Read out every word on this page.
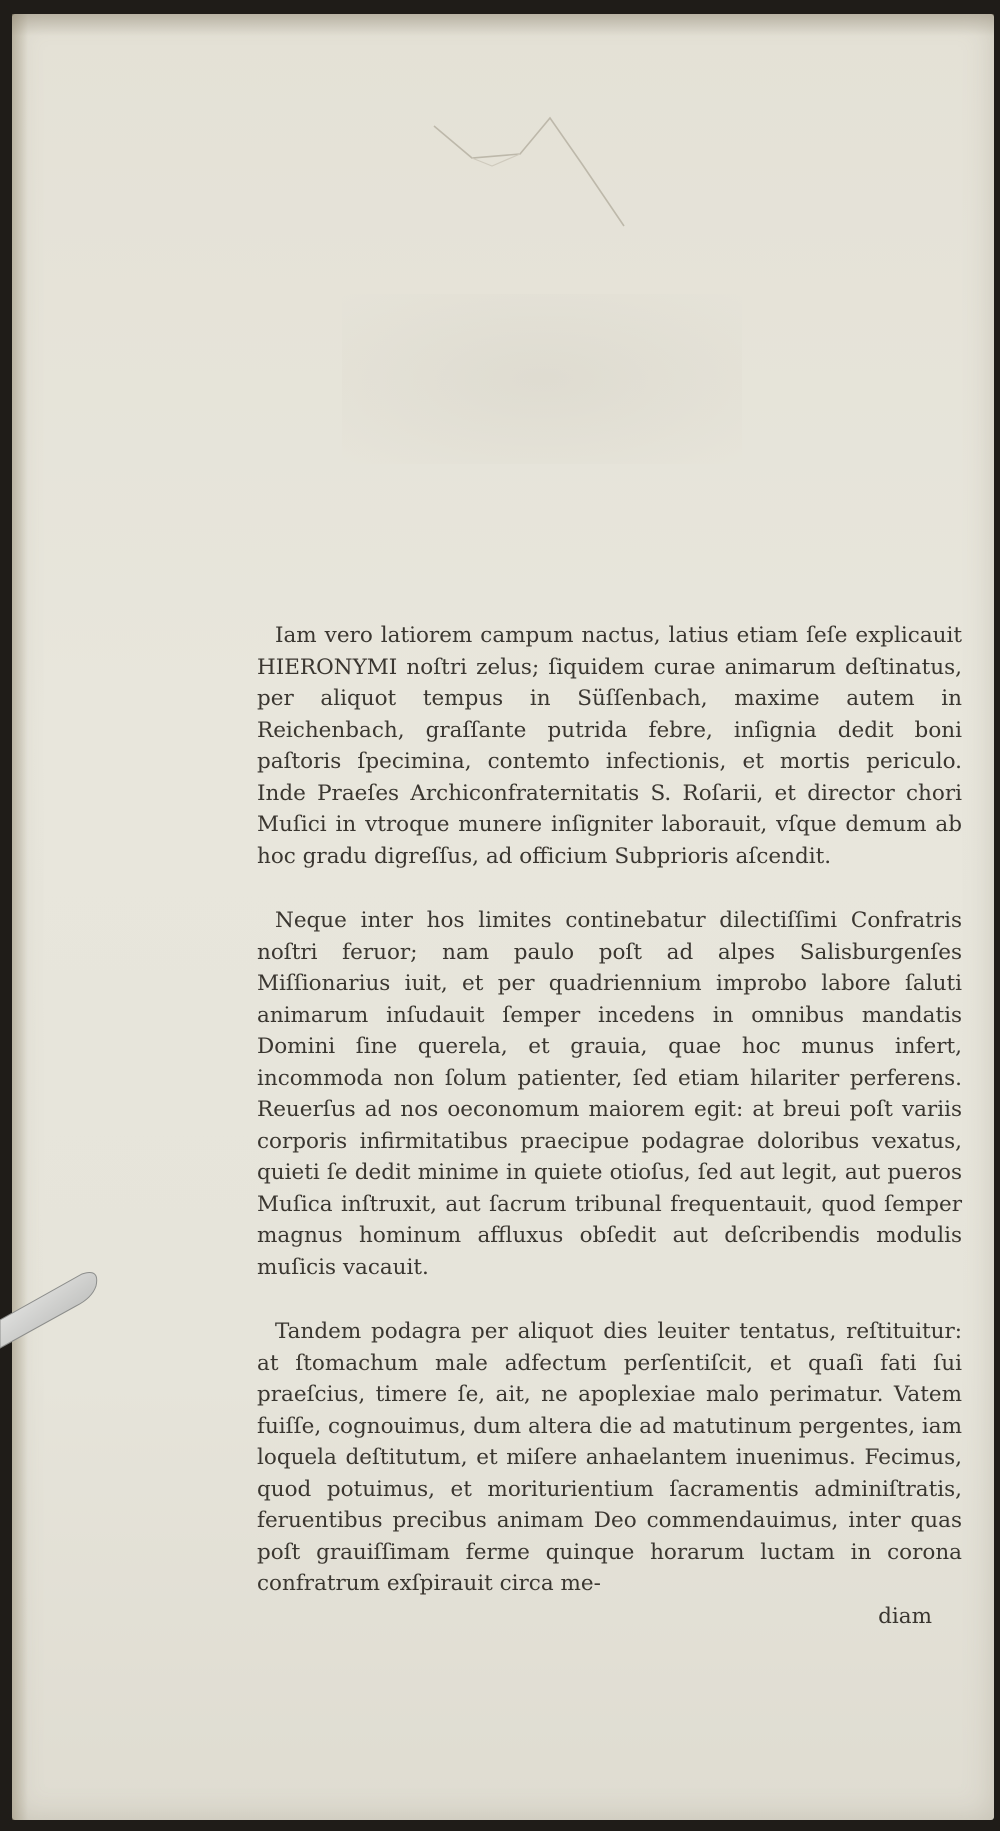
Iam vero latiorem campum nactus, latius etiam ſeſe explicauit HIERONYMI noſtri zelus; ſiquidem curae animarum deſtinatus, per aliquot tempus in Süſſenbach, maxime autem in Reichenbach, graſſante putrida febre, inſignia dedit boni paſtoris ſpecimina, contemto infectionis, et mortis periculo. Inde Praeſes Archiconfraternitatis S. Roſarii, et director chori Muſici in vtroque munere inſigniter laborauit, vſque demum ab hoc gradu digreſſus, ad officium Subprioris aſcendit.

Neque inter hos limites continebatur dilectiſſimi Confratris noſtri feruor; nam paulo poſt ad alpes Salisburgenſes Miſſionarius iuit, et per quadriennium improbo labore ſaluti animarum inſudauit ſemper incedens in omnibus mandatis Domini ſine querela, et grauia, quae hoc munus infert, incommoda non ſolum patienter, ſed etiam hilariter perferens. Reuerſus ad nos oeconomum maiorem egit: at breui poſt variis corporis infirmitatibus praecipue podagrae doloribus vexatus, quieti ſe dedit minime in quiete otioſus, ſed aut legit, aut pueros Muſica inſtruxit, aut ſacrum tribunal frequentauit, quod ſemper magnus hominum affluxus obſedit aut deſcribendis modulis muſicis vacauit.

Tandem podagra per aliquot dies leuiter tentatus, reſtituitur: at ſtomachum male adfectum perſentiſcit, et quaſi fati ſui praeſcius, timere ſe, ait, ne apoplexiae malo perimatur. Vatem fuiſſe, cognouimus, dum altera die ad matutinum pergentes, iam loquela deſtitutum, et miſere anhaelantem inuenimus. Fecimus, quod potuimus, et moriturientium ſacramentis adminiſtratis, feruentibus precibus animam Deo commendauimus, inter quas poſt grauiſſimam ferme quinque horarum luctam in corona confratrum exſpirauit circa me-

diam
